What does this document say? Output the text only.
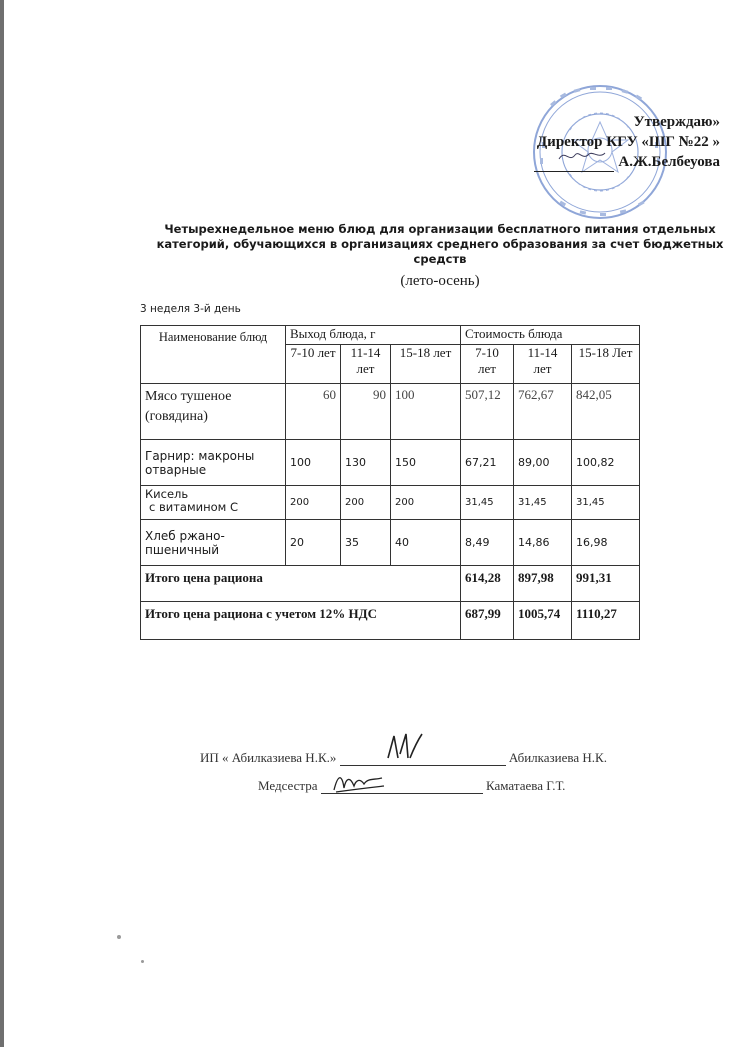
Утверждаю»
Директор КГУ «ШГ №22 »
А.Ж.Белбеуова
Четырехнедельное меню блюд для организации бесплатного питания отдельных
категорий, обучающихся в организациях среднего образования за счет бюджетных
средств
(лето-осень)
3 неделя 3-й день
Наименование блюд	Выход блюда, г			Стоимость блюда		
	7-10 лет	11-14 лет	15-18 лет	7-10 лет	11-14 лет	15-18 Лет

Мясо тушеное
(говядина)	60	90	100	507,12	762,67	842,05

Гарнир: макроны
отварные	100	130	150	67,21	89,00	100,82

Кисель
с витамином С	200	200	200	31,45	31,45	31,45

Хлеб ржано-
пшеничный	20	35	40	8,49	14,86	16,98
Итого цена рациона				614,28	897,98	991,31
Итого цена рациона с учетом 12% НДС				687,99	1005,74	1110,27
ИП « Абилказиева Н.К.»	Абилказиева Н.К.
Медсестра	Каматаева Г.Т.
